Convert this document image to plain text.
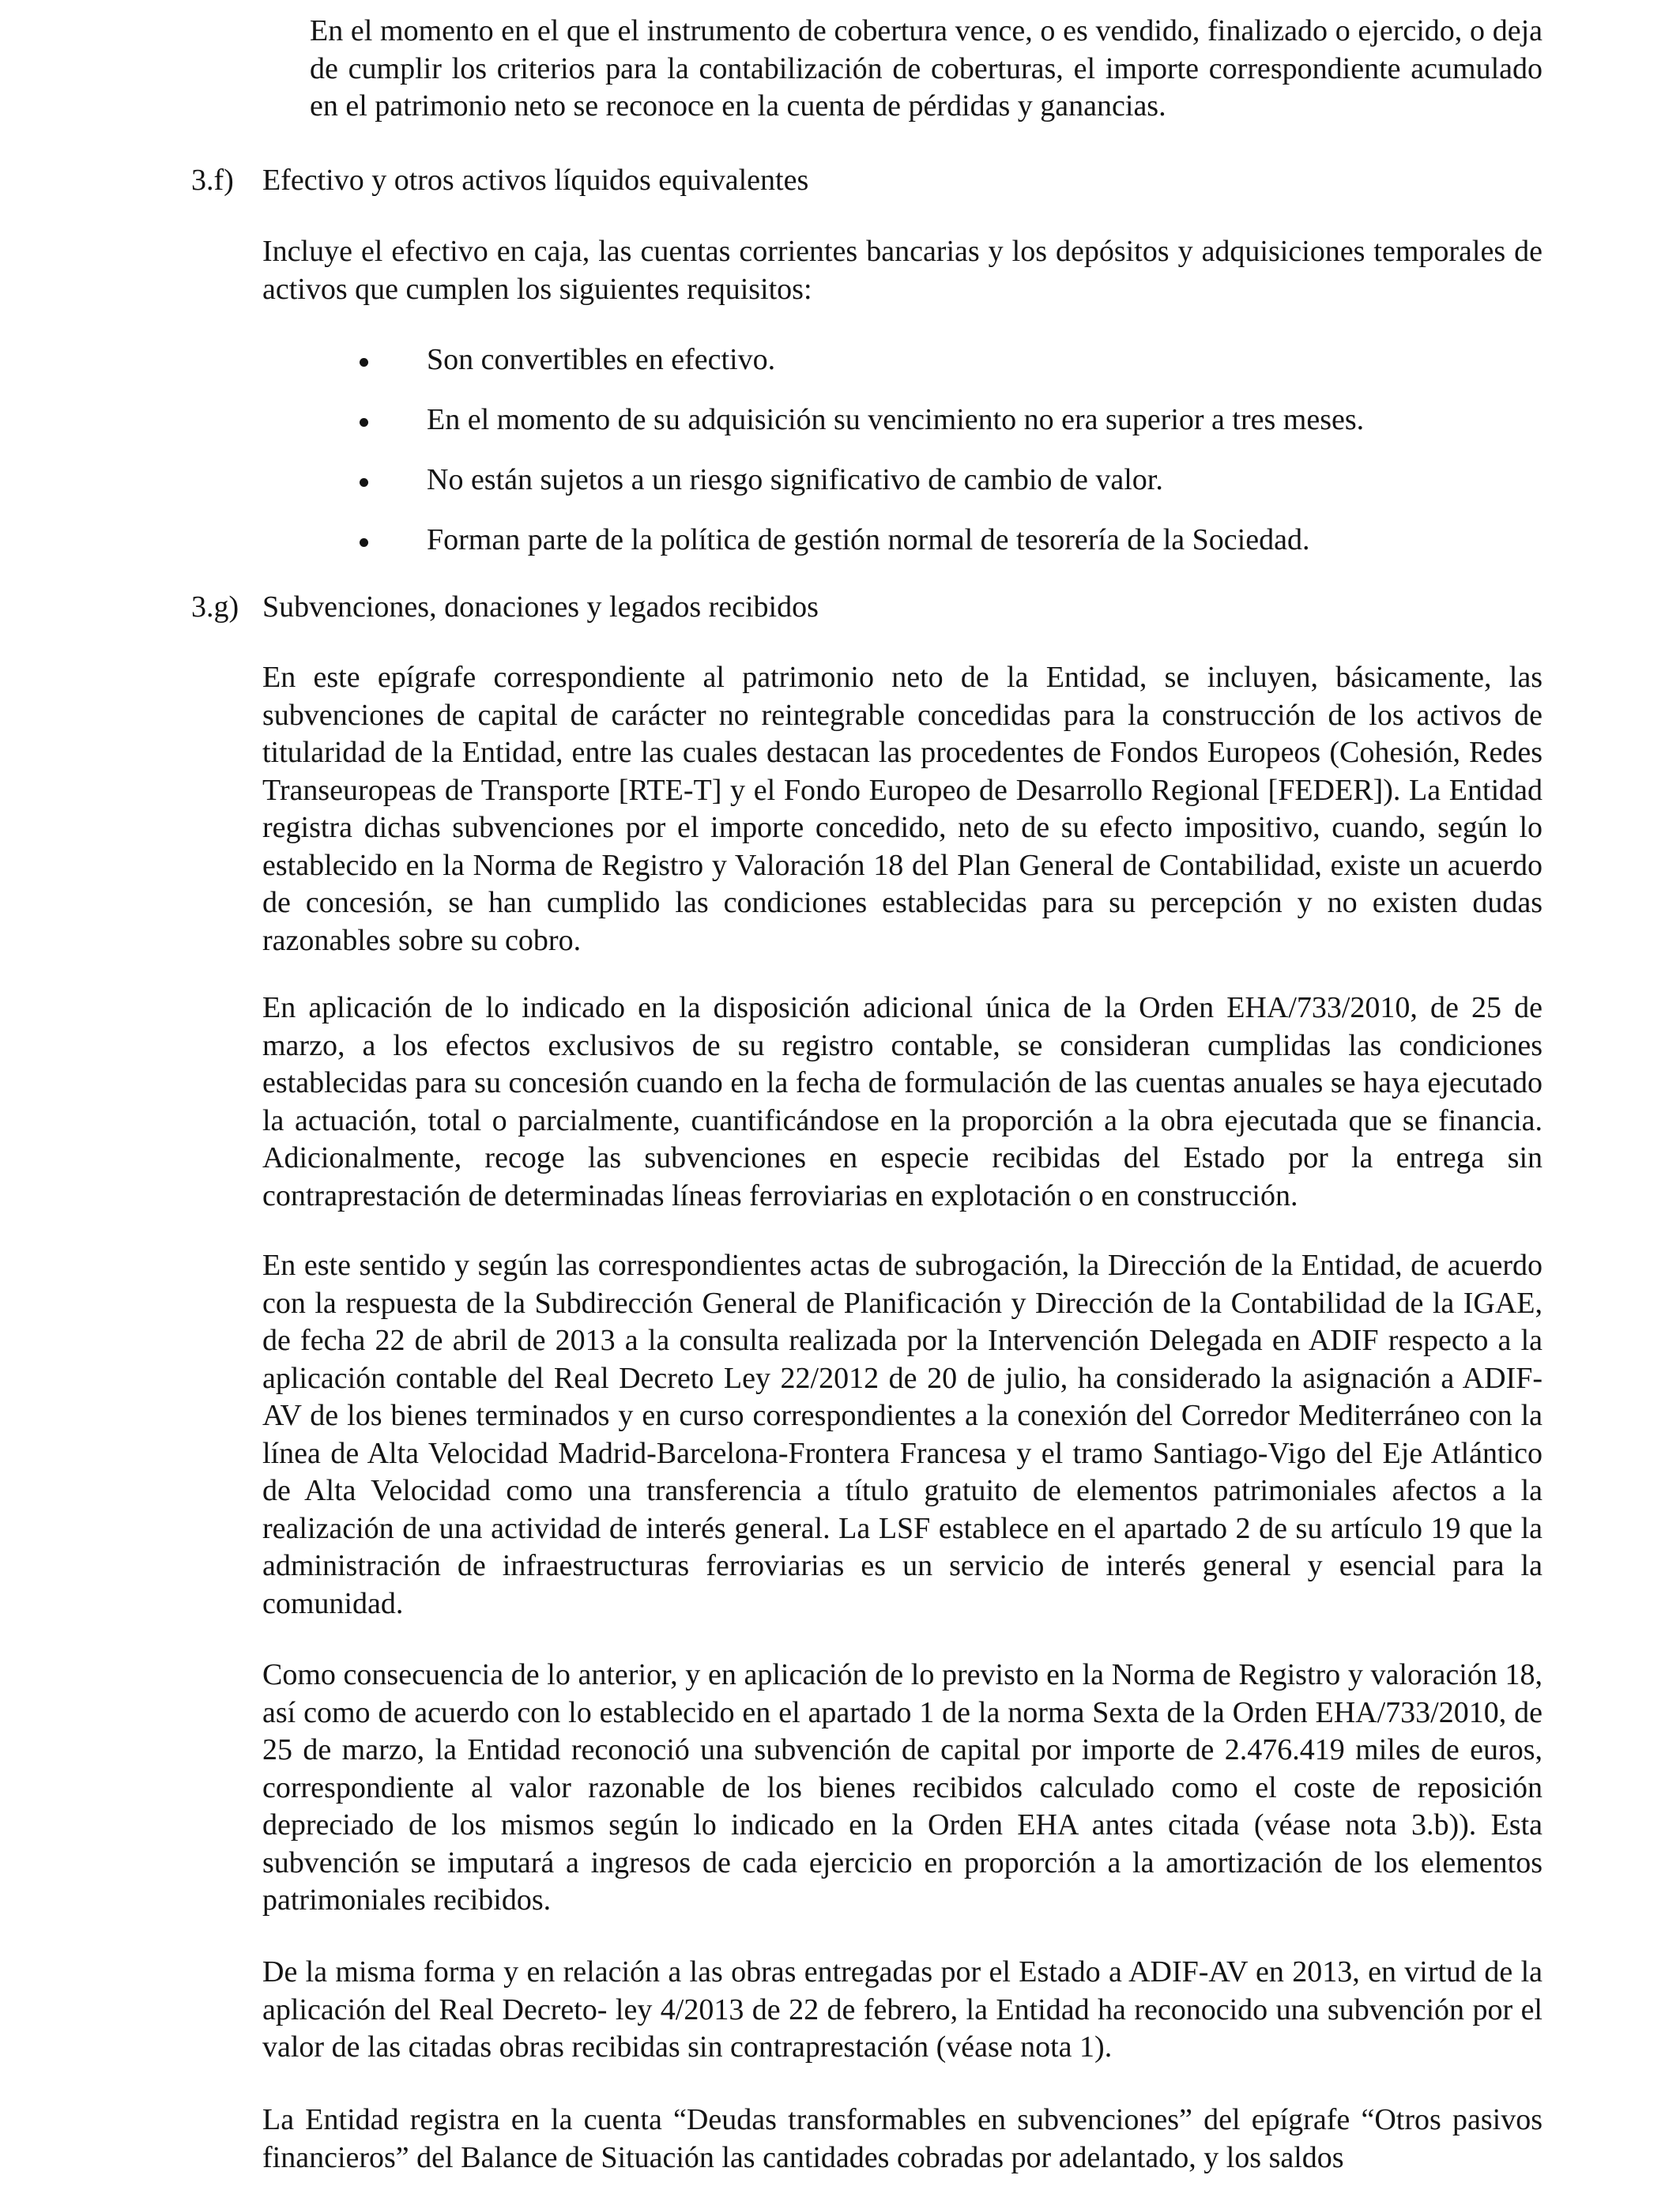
En el momento en el que el instrumento de cobertura vence, o es vendido, finalizado o ejercido, o deja de cumplir los criterios para la contabilización de coberturas, el importe correspondiente acumulado en el patrimonio neto se reconoce en la cuenta de pérdidas y ganancias.

3.f) Efectivo y otros activos líquidos equivalentes

Incluye el efectivo en caja, las cuentas corrientes bancarias y los depósitos y adquisiciones temporales de activos que cumplen los siguientes requisitos:

Son convertibles en efectivo.
En el momento de su adquisición su vencimiento no era superior a tres meses.
No están sujetos a un riesgo significativo de cambio de valor.
Forman parte de la política de gestión normal de tesorería de la Sociedad.
3.g) Subvenciones, donaciones y legados recibidos

En este epígrafe correspondiente al patrimonio neto de la Entidad, se incluyen, básicamente, las subvenciones de capital de carácter no reintegrable concedidas para la construcción de los activos de titularidad de la Entidad, entre las cuales destacan las procedentes de Fondos Europeos (Cohesión, Redes Transeuropeas de Transporte [RTE-T] y el Fondo Europeo de Desarrollo Regional [FEDER]). La Entidad registra dichas subvenciones por el importe concedido, neto de su efecto impositivo, cuando, según lo establecido en la Norma de Registro y Valoración 18 del Plan General de Contabilidad, existe un acuerdo de concesión, se han cumplido las condiciones establecidas para su percepción y no existen dudas razonables sobre su cobro.

En aplicación de lo indicado en la disposición adicional única de la Orden EHA/733/2010, de 25 de marzo, a los efectos exclusivos de su registro contable, se consideran cumplidas las condiciones establecidas para su concesión cuando en la fecha de formulación de las cuentas anuales se haya ejecutado la actuación, total o parcialmente, cuantificándose en la proporción a la obra ejecutada que se financia. Adicionalmente, recoge las subvenciones en especie recibidas del Estado por la entrega sin contraprestación de determinadas líneas ferroviarias en explotación o en construcción.

En este sentido y según las correspondientes actas de subrogación, la Dirección de la Entidad, de acuerdo con la respuesta de la Subdirección General de Planificación y Dirección de la Contabilidad de la IGAE, de fecha 22 de abril de 2013 a la consulta realizada por la Intervención Delegada en ADIF respecto a la aplicación contable del Real Decreto Ley 22/2012 de 20 de julio, ha considerado la asignación a ADIF-AV de los bienes terminados y en curso correspondientes a la conexión del Corredor Mediterráneo con la línea de Alta Velocidad Madrid-Barcelona-Frontera Francesa y el tramo Santiago-Vigo del Eje Atlántico de Alta Velocidad como una transferencia a título gratuito de elementos patrimoniales afectos a la realización de una actividad de interés general. La LSF establece en el apartado 2 de su artículo 19 que la administración de infraestructuras ferroviarias es un servicio de interés general y esencial para la comunidad.

Como consecuencia de lo anterior, y en aplicación de lo previsto en la Norma de Registro y valoración 18, así como de acuerdo con lo establecido en el apartado 1 de la norma Sexta de la Orden EHA/733/2010, de 25 de marzo, la Entidad reconoció una subvención de capital por importe de 2.476.419 miles de euros, correspondiente al valor razonable de los bienes recibidos calculado como el coste de reposición depreciado de los mismos según lo indicado en la Orden EHA antes citada (véase nota 3.b)). Esta subvención se imputará a ingresos de cada ejercicio en proporción a la amortización de los elementos patrimoniales recibidos.

De la misma forma y en relación a las obras entregadas por el Estado a ADIF-AV en 2013, en virtud de la aplicación del Real Decreto- ley 4/2013 de 22 de febrero, la Entidad ha reconocido una subvención por el valor de las citadas obras recibidas sin contraprestación (véase nota 1).

La Entidad registra en la cuenta “Deudas transformables en subvenciones” del epígrafe “Otros pasivos financieros” del Balance de Situación las cantidades cobradas por adelantado, y los saldos
